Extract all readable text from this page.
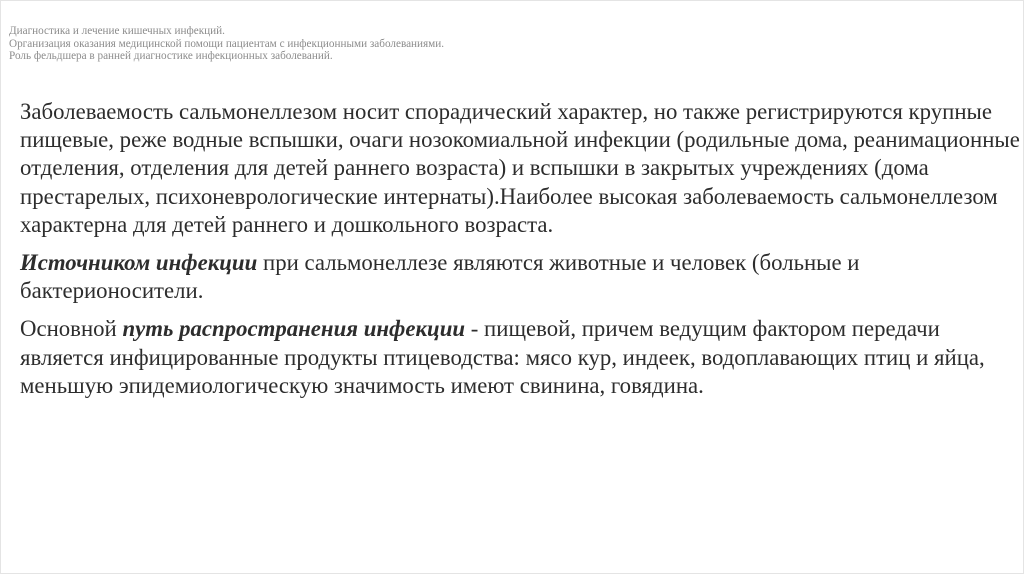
Диагностика и лечение кишечных инфекций.
Организация оказания медицинской помощи пациентам с инфекционными заболеваниями.
Роль фельдшера в ранней диагностике инфекционных заболеваний.

Заболеваемость сальмонеллезом носит спорадический характер, но также регистрируются крупные пищевые, реже водные вспышки, очаги нозокомиальной инфекции (родильные дома, реанимационные отделения, отделения для детей раннего возраста) и вспышки в закрытых учреждениях (дома престарелых, психоневрологические интернаты).Наиболее высокая заболеваемость сальмонеллезом характерна для детей раннего и дошкольного возраста.

Источником инфекции при сальмонеллезе являются животные и человек (больные и бактерионосители.

Основной путь распространения инфекции - пищевой, причем ведущим фактором передачи является инфицированные продукты птицеводства: мясо кур, индеек, водоплавающих птиц и яйца, меньшую эпидемиологическую значимость имеют свинина, говядина.
